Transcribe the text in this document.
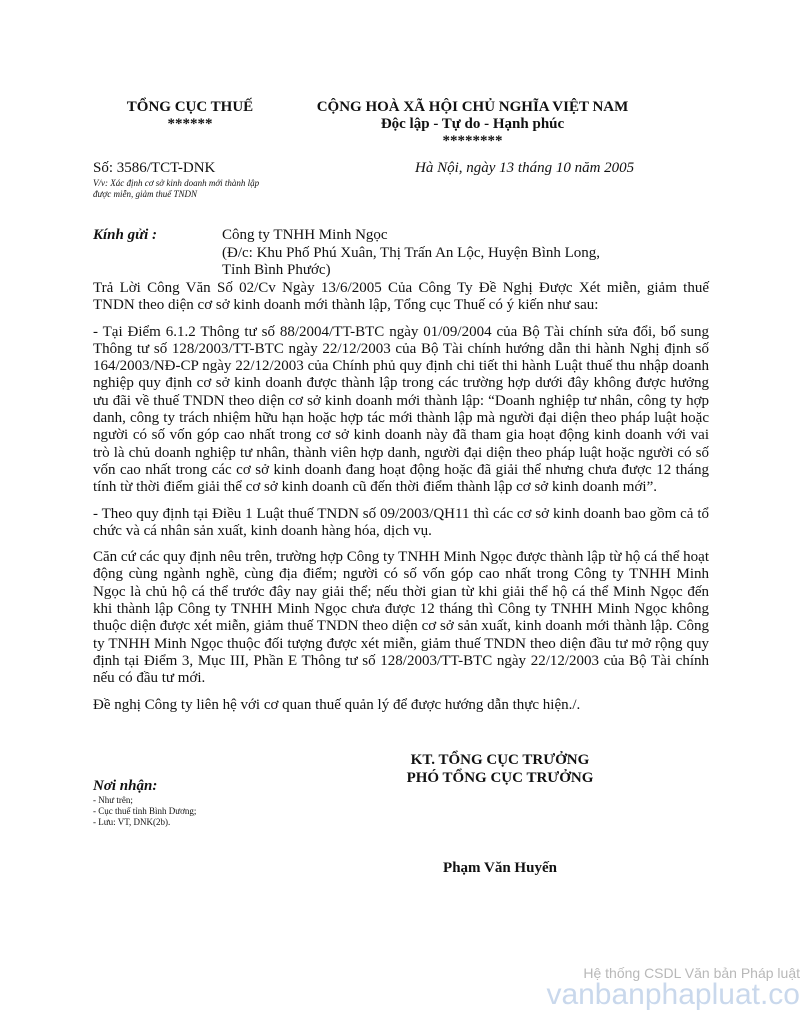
TỔNG CỤC THUẾ
******
CỘNG HOÀ XÃ HỘI CHỦ NGHĨA VIỆT NAM
Độc lập - Tự do - Hạnh phúc
********
Số: 3586/TCT-DNK
V/v: Xác định cơ sở kinh doanh mới thành lập
được miễn, giảm thuế TNDN
Hà Nội, ngày 13 tháng 10 năm 2005
Kính gửi :	Công ty TNHH Minh Ngọc
(Đ/c: Khu Phố Phú Xuân, Thị Trấn An Lộc, Huyện Bình Long,
Tỉnh Bình Phước)

Trả Lời Công Văn Số 02/Cv Ngày 13/6/2005 Của Công Ty Đề Nghị Được Xét miễn, giảm thuế TNDN theo diện cơ sở kinh doanh mới thành lập, Tổng cục Thuế có ý kiến như sau:

- Tại Điểm 6.1.2 Thông tư số 88/2004/TT-BTC ngày 01/09/2004 của Bộ Tài chính sửa đổi, bổ sung Thông tư số 128/2003/TT-BTC ngày 22/12/2003 của Bộ Tài chính hướng dẫn thi hành Nghị định số 164/2003/NĐ-CP ngày 22/12/2003 của Chính phủ quy định chi tiết thi hành Luật thuế thu nhập doanh nghiệp quy định cơ sở kinh doanh được thành lập trong các trường hợp dưới đây không được hưởng ưu đãi về thuế TNDN theo diện cơ sở kinh doanh mới thành lập: “Doanh nghiệp tư nhân, công ty hợp danh, công ty trách nhiệm hữu hạn hoặc hợp tác mới thành lập mà người đại diện theo pháp luật hoặc người có số vốn góp cao nhất trong cơ sở kinh doanh này đã tham gia hoạt động kinh doanh với vai trò là chủ doanh nghiệp tư nhân, thành viên hợp danh, người đại diện theo pháp luật hoặc người có số vốn cao nhất trong các cơ sở kinh doanh đang hoạt động hoặc đã giải thể nhưng chưa được 12 tháng tính từ thời điểm giải thể cơ sở kinh doanh cũ đến thời điểm thành lập cơ sở kinh doanh mới”.

- Theo quy định tại Điều 1 Luật thuế TNDN số 09/2003/QH11 thì các cơ sở kinh doanh bao gồm cả tổ chức và cá nhân sản xuất, kinh doanh hàng hóa, dịch vụ.

Căn cứ các quy định nêu trên, trường hợp Công ty TNHH Minh Ngọc được thành lập từ hộ cá thể hoạt động cùng ngành nghề, cùng địa điểm; người có số vốn góp cao nhất trong Công ty TNHH Minh Ngọc là chủ hộ cá thể trước đây nay giải thể; nếu thời gian từ khi giải thể hộ cá thể Minh Ngọc đến khi thành lập Công ty TNHH Minh Ngọc chưa được 12 tháng thì Công ty TNHH Minh Ngọc không thuộc diện được xét miễn, giảm thuế TNDN theo diện cơ sở sản xuất, kinh doanh mới thành lập. Công ty TNHH Minh Ngọc thuộc đối tượng được xét miễn, giảm thuế TNDN theo diện đầu tư mở rộng quy định tại Điểm 3, Mục III, Phần E Thông tư số 128/2003/TT-BTC ngày 22/12/2003 của Bộ Tài chính nếu có đầu tư mới.

Đề nghị Công ty liên hệ với cơ quan thuế quản lý để được hướng dẫn thực hiện./.

KT. TỔNG CỤC TRƯỞNG
PHÓ TỔNG CỤC TRƯỞNG
Nơi nhận:
- Như trên;
- Cục thuế tỉnh Bình Dương;
- Lưu: VT, DNK(2b).
Phạm Văn Huyến
Hệ thống CSDL Văn bản Pháp luật
vanbanphapluat.co
